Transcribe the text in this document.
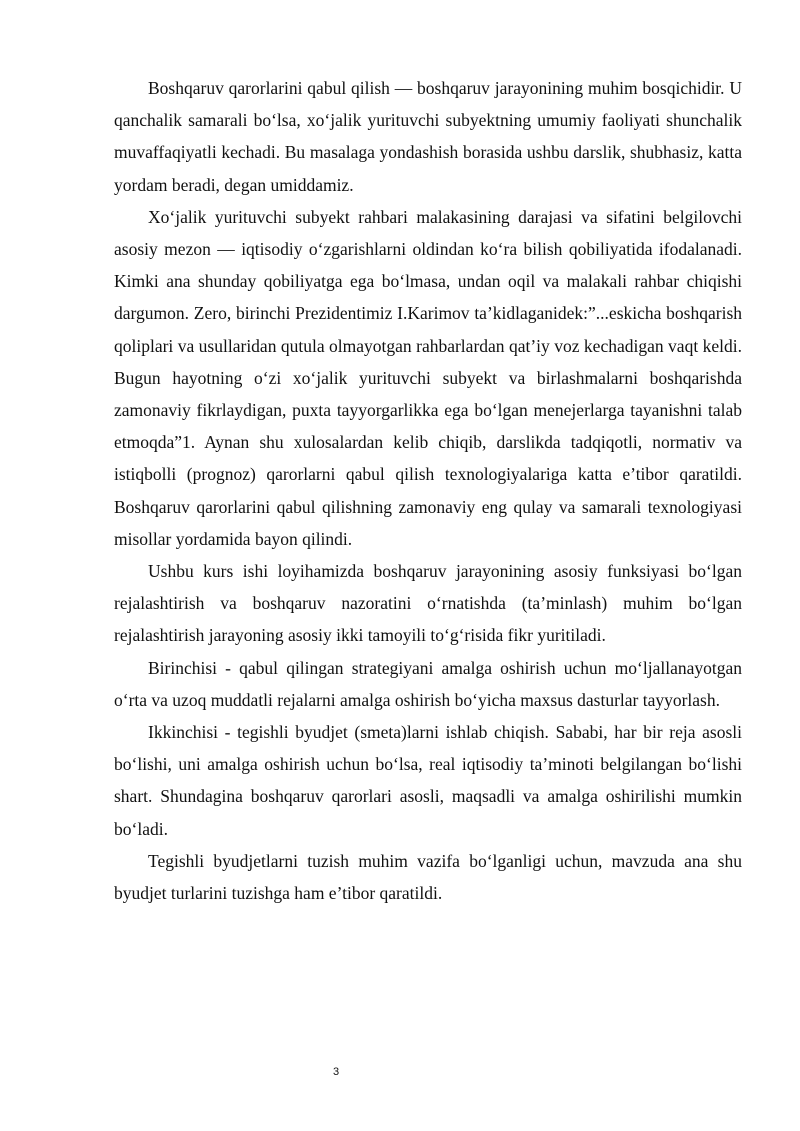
Boshqaruv qarorlarini qabul qilish — boshqaruv jarayonining muhim bosqichidir. U qanchalik samarali bo‘lsa, xo‘jalik yurituvchi subyektning umumiy faoliyati shunchalik muvaffaqiyatli kechadi. Bu masalaga yondashish borasida ushbu darslik, shubhasiz, katta yordam beradi, degan umiddamiz.

Xo‘jalik yurituvchi subyekt rahbari malakasining darajasi va sifatini belgilovchi asosiy mezon — iqtisodiy o‘zgarishlarni oldindan ko‘ra bilish qobiliyatida ifodalanadi. Kimki ana shunday qobiliyatga ega bo‘lmasa, undan oqil va malakali rahbar chiqishi dargumon. Zero, birinchi Prezidentimiz I.Karimov ta’kidlaganidek:”...eskicha boshqarish qoliplari va usullaridan qutula olmayotgan rahbarlardan qat’iy voz kechadigan vaqt keldi. Bugun hayotning o‘zi xo‘jalik yurituvchi subyekt va birlashmalarni boshqarishda zamonaviy fikrlaydigan, puxta tayyorgarlikka ega bo‘lgan menejerlarga tayanishni talab etmoqda”1. Aynan shu xulosalardan kelib chiqib, darslikda tadqiqotli, normativ va istiqbolli (prognoz) qarorlarni qabul qilish texnologiyalariga katta e’tibor qaratildi. Boshqaruv qarorlarini qabul qilishning zamonaviy eng qulay va samarali texnologiyasi misollar yordamida bayon qilindi.

Ushbu kurs ishi loyihamizda boshqaruv jarayonining asosiy funksiyasi bo‘lgan rejalashtirish va boshqaruv nazoratini o‘rnatishda (ta’minlash) muhim bo‘lgan rejalashtirish jarayoning asosiy ikki tamoyili to‘g‘risida fikr yuritiladi.

Birinchisi - qabul qilingan strategiyani amalga oshirish uchun mo‘ljallanayotgan o‘rta va uzoq muddatli rejalarni amalga oshirish bo‘yicha maxsus dasturlar tayyorlash.

Ikkinchisi - tegishli byudjet (smeta)larni ishlab chiqish. Sababi, har bir reja asosli bo‘lishi, uni amalga oshirish uchun bo‘lsa, real iqtisodiy ta’minoti belgilangan bo‘lishi shart. Shundagina boshqaruv qarorlari asosli, maqsadli va amalga oshirilishi mumkin bo‘ladi.

Tegishli byudjetlarni tuzish muhim vazifa bo‘lganligi uchun, mavzuda ana shu byudjet turlarini tuzishga ham e’tibor qaratildi.

3
